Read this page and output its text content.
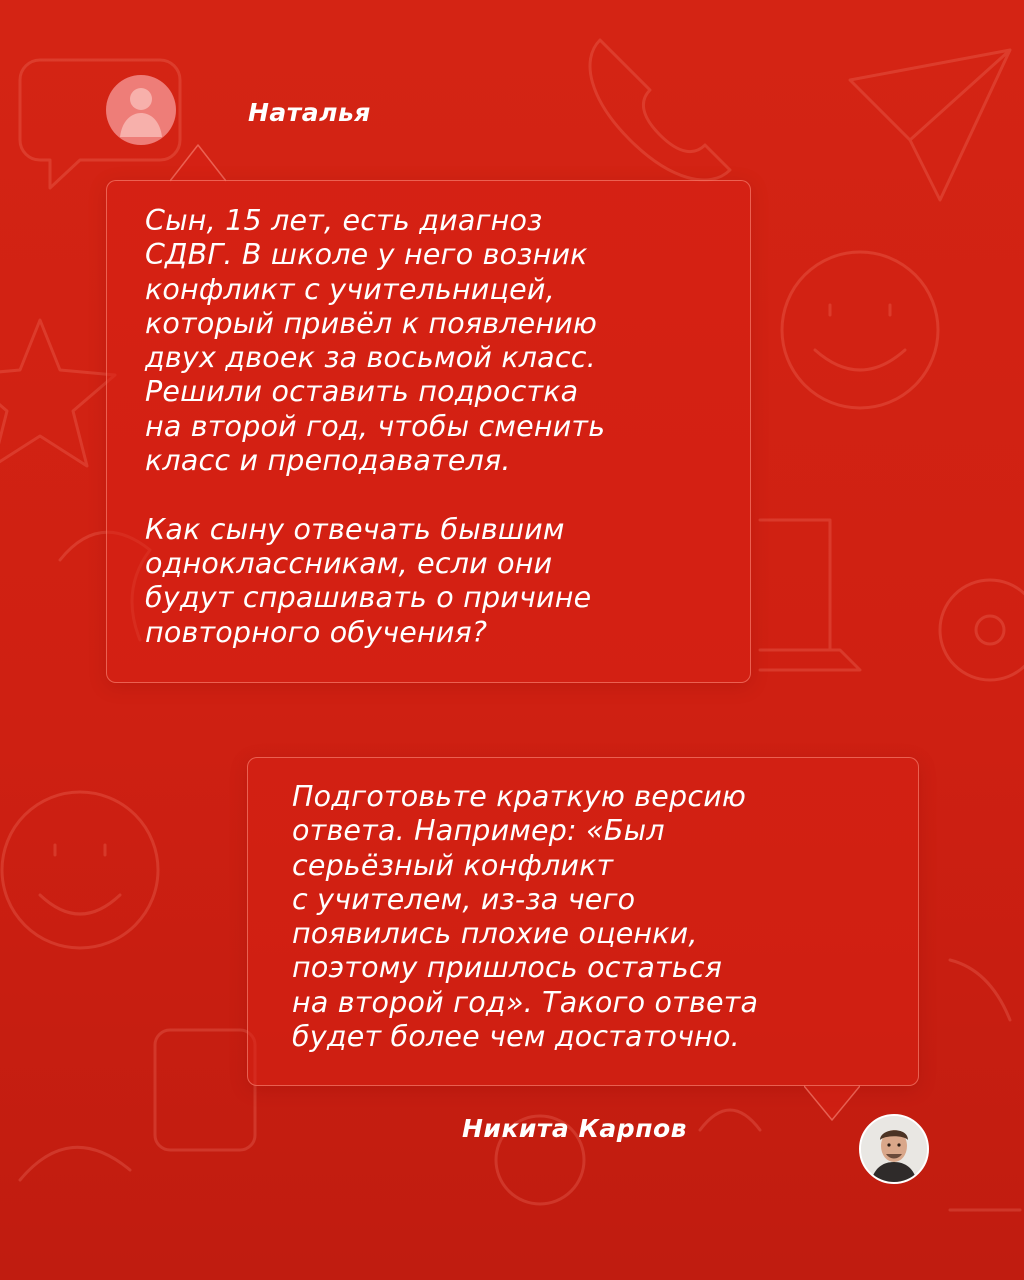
Наталья

Сын, 15 лет, есть диагноз
СДВГ. В школе у него возник
конфликт с учительницей,
который привёл к появлению
двух двоек за восьмой класс.
Решили оставить подростка
на второй год, чтобы сменить
класс и преподавателя.

Как сыну отвечать бывшим
одноклассникам, если они
будут спрашивать о причине
повторного обучения?

Подготовьте краткую версию
ответа. Например: «Был
серьёзный конфликт
с учителем, из-за чего
появились плохие оценки,
поэтому пришлось остаться
на второй год». Такого ответа
будет более чем достаточно.

Никита Карпов
